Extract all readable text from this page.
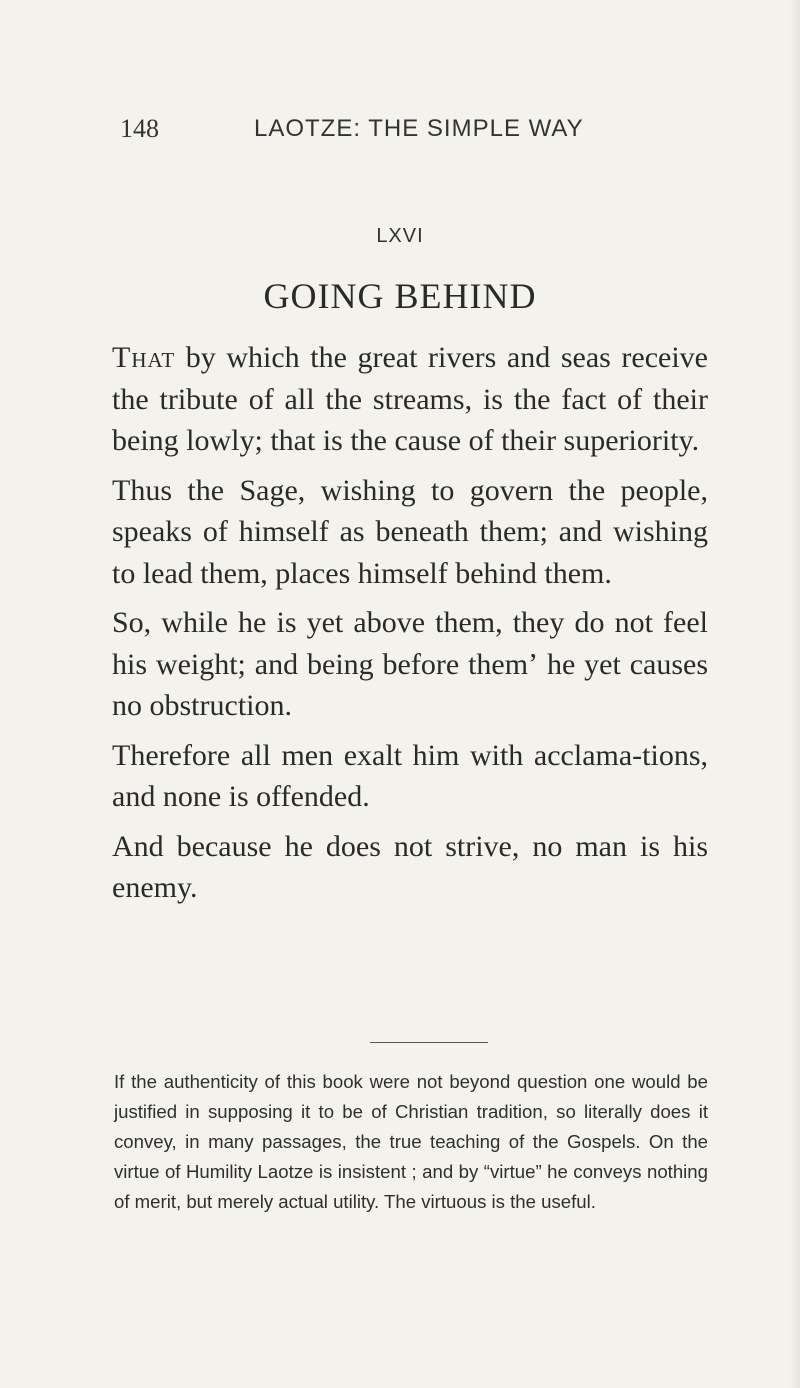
148	LAOTZE: THE SIMPLE WAY
LXVI
GOING BEHIND

That by which the great rivers and seas receive the tribute of all the streams, is the fact of their being lowly; that is the cause of their superiority.

Thus the Sage, wishing to govern the people, speaks of himself as beneath them; and wishing to lead them, places himself behind them.

So, while he is yet above them, they do not feel his weight; and being before themʼ he yet causes no obstruction.

Therefore all men exalt him with acclama-tions, and none is offended.

And because he does not strive, no man is his enemy.

If the authenticity of this book were not beyond question one would be justified in supposing it to be of Christian tradition, so literally does it convey, in many passages, the true teaching of the Gospels. On the virtue of Humility Laotze is insistent ; and by “virtue” he conveys nothing of merit, but merely actual utility. The virtuous is the useful.
